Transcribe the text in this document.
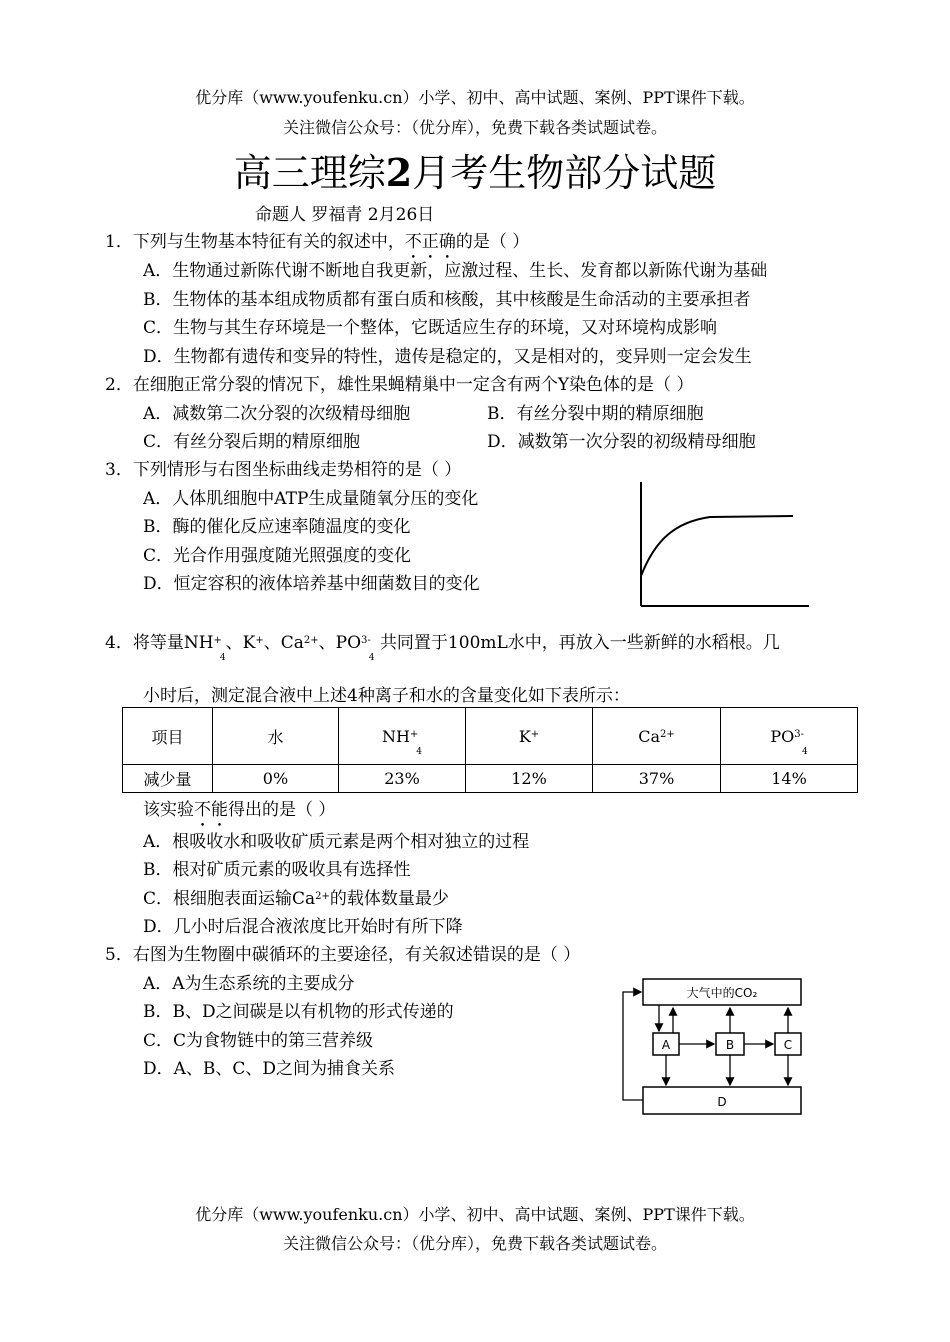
优分库（www.youfenku.cn）小学、初中、高中试题、案例、PPT课件下载。
关注微信公众号：（优分库），免费下载各类试题试卷。
高三理综2月考生物部分试题
命题人 罗福青 2月26日
1．下列与生物基本特征有关的叙述中，不正确的是（ ）
A．生物通过新陈代谢不断地自我更新，应激过程、生长、发育都以新陈代谢为基础
B．生物体的基本组成物质都有蛋白质和核酸，其中核酸是生命活动的主要承担者
C．生物与其生存环境是一个整体，它既适应生存的环境，又对环境构成影响
D．生物都有遗传和变异的特性，遗传是稳定的，又是相对的，变异则一定会发生
2．在细胞正常分裂的情况下，雄性果蝇精巢中一定含有两个Y染色体的是（ ）
A．减数第二次分裂的次级精母细胞	B．有丝分裂中期的精原细胞
C．有丝分裂后期的精原细胞	D．减数第一次分裂的初级精母细胞
3．下列情形与右图坐标曲线走势相符的是（ ）
A．人体肌细胞中ATP生成量随氧分压的变化
B．酶的催化反应速率随温度的变化
C．光合作用强度随光照强度的变化
D．恒定容积的液体培养基中细菌数目的变化
4．将等量$NH^+_4$、K+、$Ca^{2+}$、$PO^{3-}_4$ 共同置于100mL水中，再放入一些新鲜的水稻根。几
小时后，测定混合液中上述4种离子和水的含量变化如下表所示：
项目	水	$NH^+_4$	K+	$Ca^{2+}$	$PO^{3-}_4$
减少量	0%	23%	12%	37%	14%
该实验不能得出的是（ ）
A．根吸收水和吸收矿质元素是两个相对独立的过程
B．根对矿质元素的吸收具有选择性
C．根细胞表面运输$Ca^{2+}$的载体数量最少
D．几小时后混合液浓度比开始时有所下降
5．右图为生物圈中碳循环的主要途径，有关叙述错误的是（ ）
A．A为生态系统的主要成分
B．B、D之间碳是以有机物的形式传递的
C．C为食物链中的第三营养级
D．A、B、C、D之间为捕食关系
大气中的CO₂
A	B	C
D
优分库（www.youfenku.cn）小学、初中、高中试题、案例、PPT课件下载。
关注微信公众号：（优分库），免费下载各类试题试卷。
